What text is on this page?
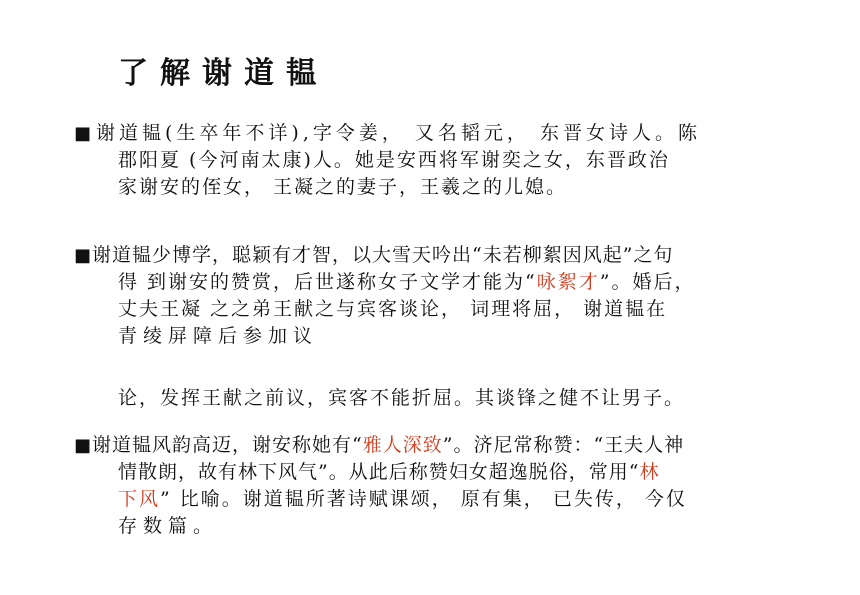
了解谢道韫
■谢道韫(生卒年不详),字令姜， 又名韬元， 东晋女诗人。陈
郡阳夏 (今河南太康)人。她是安西将军谢奕之女，东晋政治
家谢安的侄女， 王凝之的妻子，王羲之的儿媳。
■谢道韫少博学，聪颖有才智，以大雪天吟出“未若柳絮因风起”之句
得 到谢安的赞赏，后世遂称女子文学才能为“咏絮才”。婚后，
丈夫王凝 之之弟王献之与宾客谈论， 词理将屈， 谢道韫在
青绫屏障后参加议
论，发挥王献之前议，宾客不能折屈。其谈锋之健不让男子。
■谢道韫风韵高迈，谢安称她有“雅人深致”。济尼常称赞：“王夫人神
情散朗，故有林下风气”。从此后称赞妇女超逸脱俗，常用“林
下风” 比喻。谢道韫所著诗赋课颂， 原有集， 已失传， 今仅
存数篇。
